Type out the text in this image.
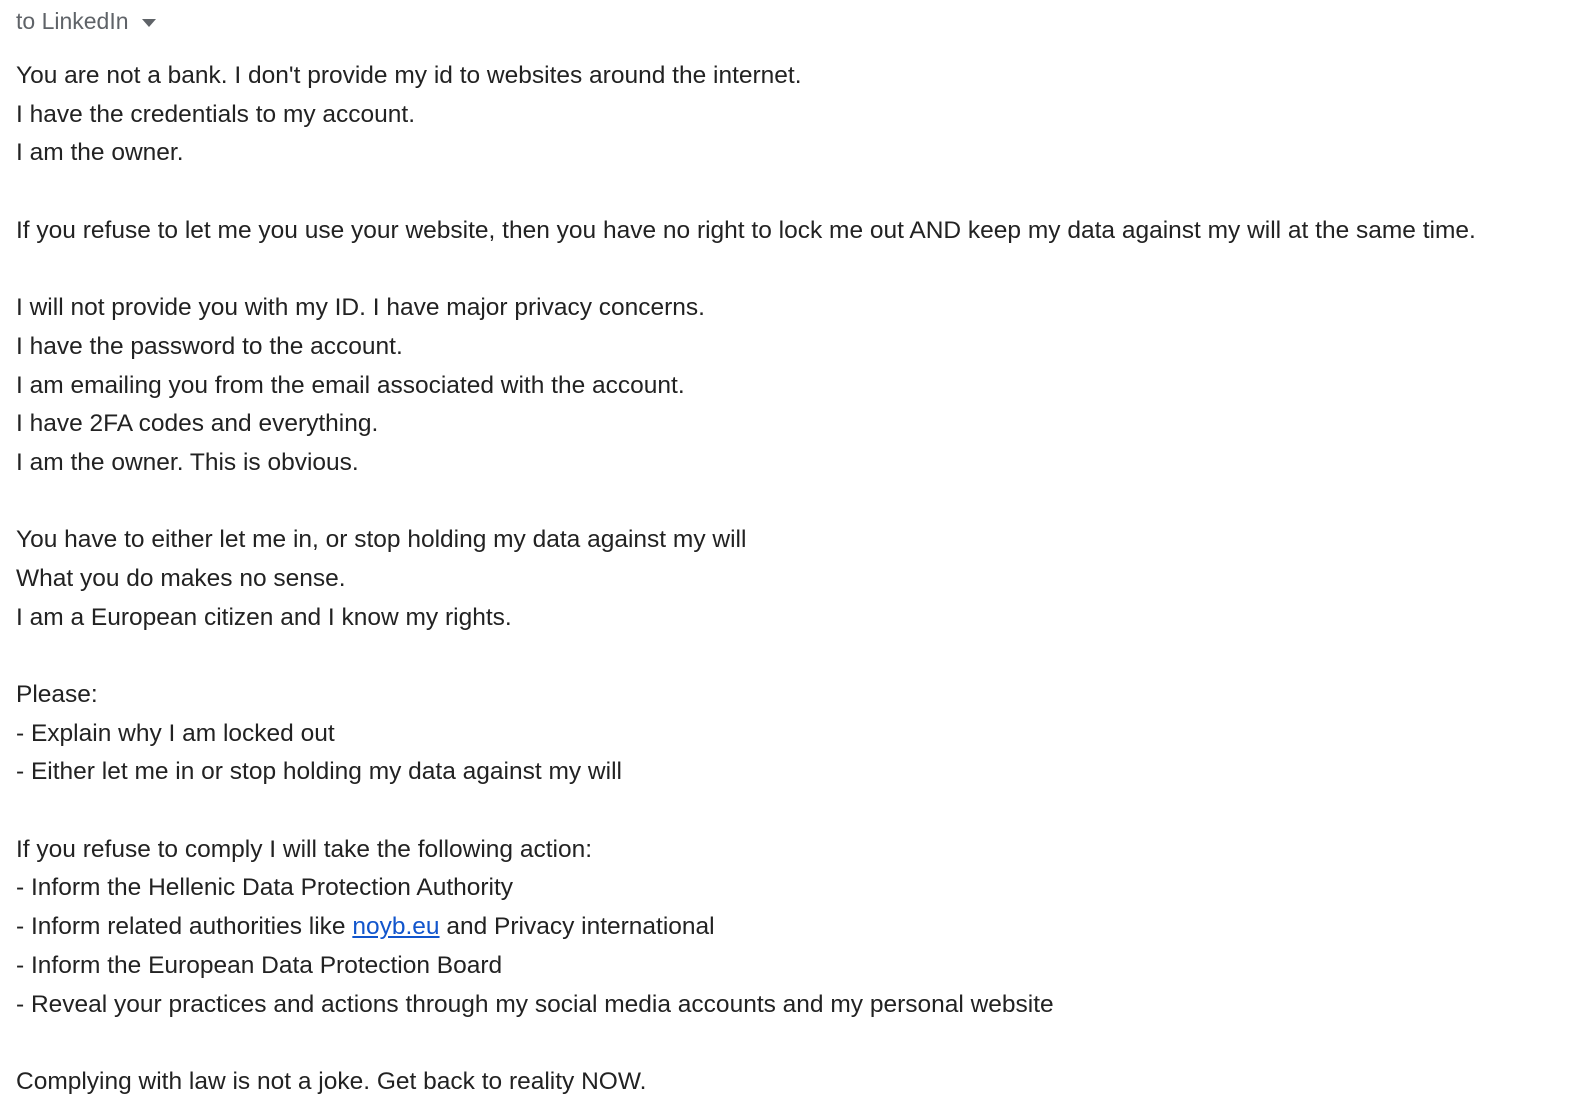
to LinkedIn
You are not a bank. I don't provide my id to websites around the internet.
I have the credentials to my account.
I am the owner.
If you refuse to let me you use your website, then you have no right to lock me out AND keep my data against my will at the same time.
I will not provide you with my ID. I have major privacy concerns.
I have the password to the account.
I am emailing you from the email associated with the account.
I have 2FA codes and everything.
I am the owner. This is obvious.
You have to either let me in, or stop holding my data against my will
What you do makes no sense.
I am a European citizen and I know my rights.
Please:
- Explain why I am locked out
- Either let me in or stop holding my data against my will
If you refuse to comply I will take the following action:
- Inform the Hellenic Data Protection Authority
- Inform related authorities like noyb.eu and Privacy international
- Inform the European Data Protection Board
- Reveal your practices and actions through my social media accounts and my personal website
Complying with law is not a joke. Get back to reality NOW.
